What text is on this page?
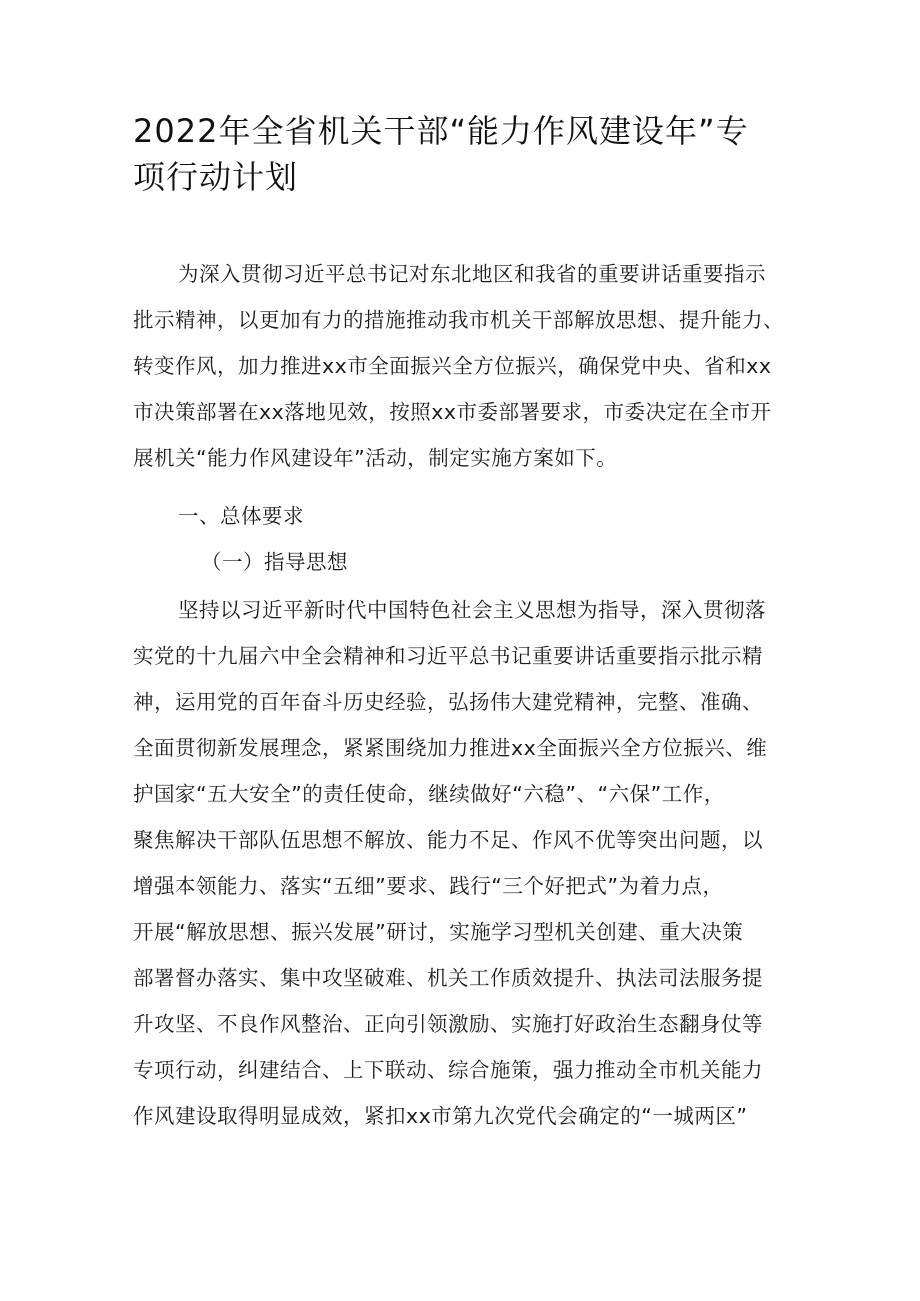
2022年全省机关干部“能力作风建设年”专
项行动计划
为深入贯彻习近平总书记对东北地区和我省的重要讲话重要指示
批示精神，以更加有力的措施推动我市机关干部解放思想、提升能力、
转变作风，加力推进xx市全面振兴全方位振兴，确保党中央、省和xx
市决策部署在xx落地见效，按照xx市委部署要求，市委决定在全市开
展机关“能力作风建设年”活动，制定实施方案如下。
一、总体要求
（一）指导思想
坚持以习近平新时代中国特色社会主义思想为指导，深入贯彻落
实党的十九届六中全会精神和习近平总书记重要讲话重要指示批示精
神，运用党的百年奋斗历史经验，弘扬伟大建党精神，完整、准确、
全面贯彻新发展理念，紧紧围绕加力推进xx全面振兴全方位振兴、维
护国家“五大安全”的责任使命，继续做好“六稳”、“六保”工作，
聚焦解决干部队伍思想不解放、能力不足、作风不优等突出问题，以
增强本领能力、落实“五细”要求、践行“三个好把式”为着力点，
开展“解放思想、振兴发展”研讨，实施学习型机关创建、重大决策
部署督办落实、集中攻坚破难、机关工作质效提升、执法司法服务提
升攻坚、不良作风整治、正向引领激励、实施打好政治生态翻身仗等
专项行动，纠建结合、上下联动、综合施策，强力推动全市机关能力
作风建设取得明显成效，紧扣xx市第九次党代会确定的“一城两区”
